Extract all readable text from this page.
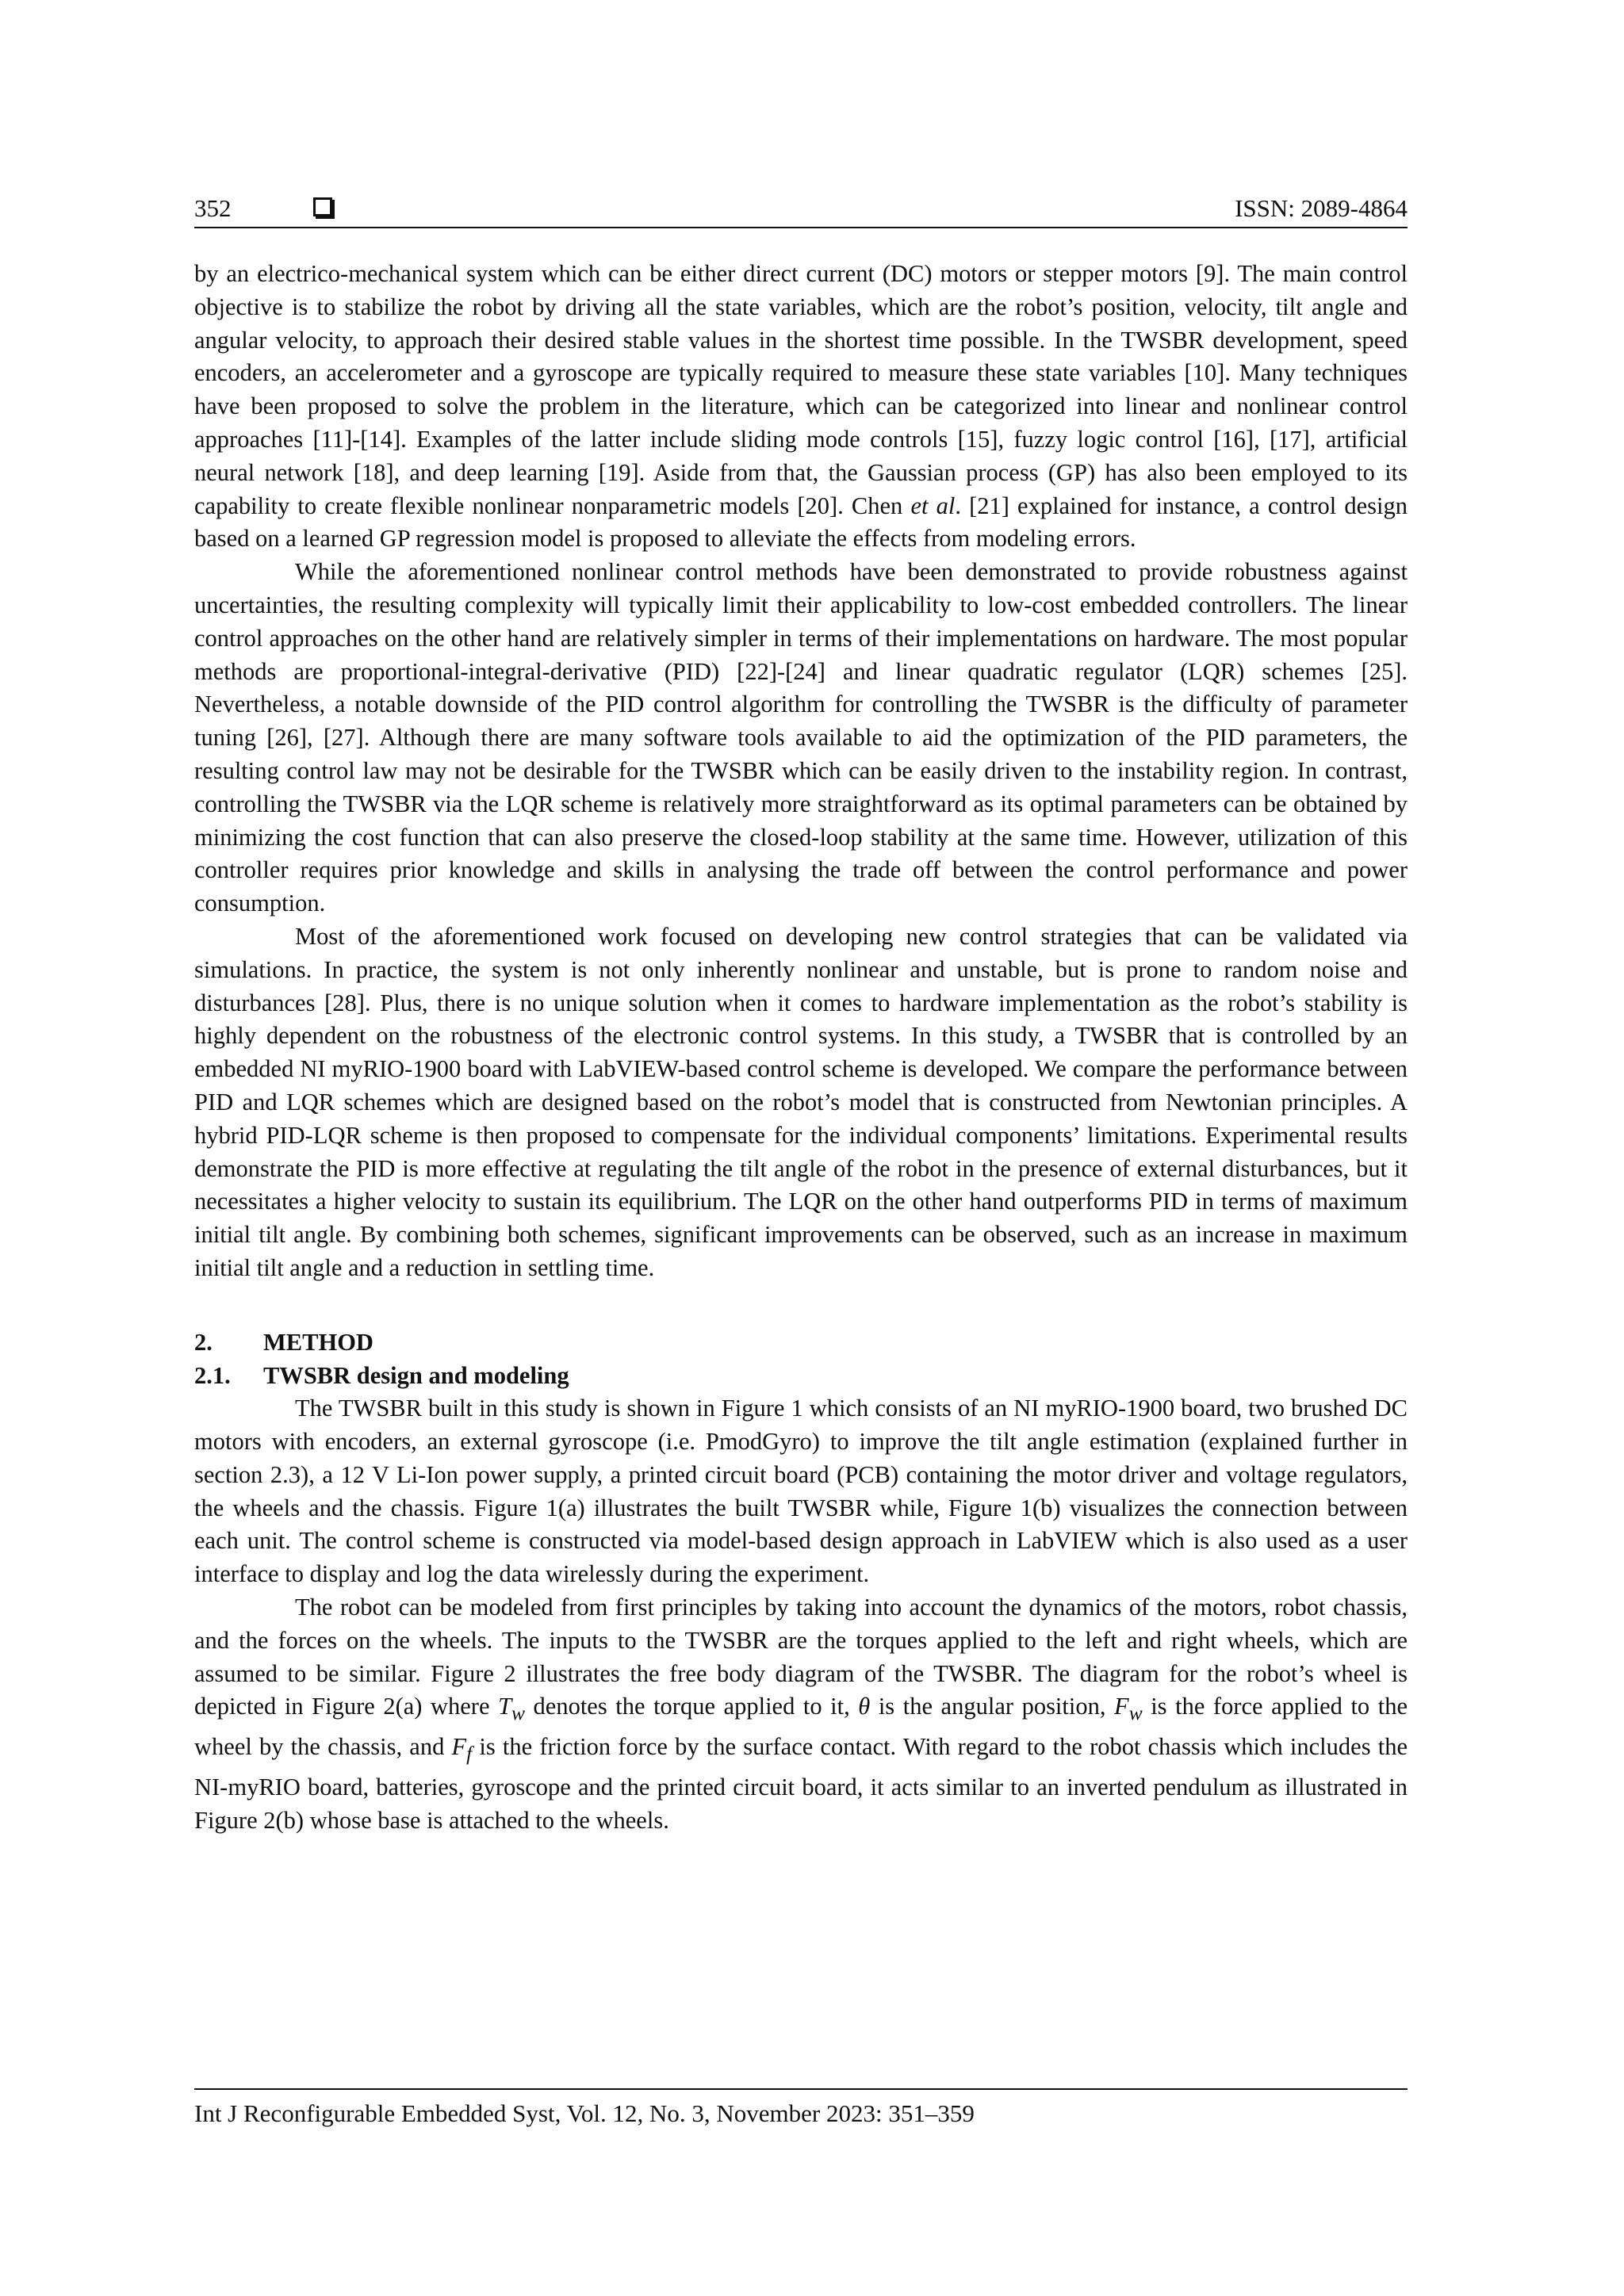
352	ISSN: 2089-4864

by an electrico-mechanical system which can be either direct current (DC) motors or stepper motors [9]. The main control objective is to stabilize the robot by driving all the state variables, which are the robot’s position, velocity, tilt angle and angular velocity, to approach their desired stable values in the shortest time possible. In the TWSBR development, speed encoders, an accelerometer and a gyroscope are typically required to measure these state variables [10]. Many techniques have been proposed to solve the problem in the literature, which can be categorized into linear and nonlinear control approaches [11]-[14]. Examples of the latter include sliding mode controls [15], fuzzy logic control [16], [17], artificial neural network [18], and deep learning [19]. Aside from that, the Gaussian process (GP) has also been employed to its capability to create flexible nonlinear nonparametric models [20]. Chen et al. [21] explained for instance, a control design based on a learned GP regression model is proposed to alleviate the effects from modeling errors.

While the aforementioned nonlinear control methods have been demonstrated to provide robustness against uncertainties, the resulting complexity will typically limit their applicability to low-cost embedded controllers. The linear control approaches on the other hand are relatively simpler in terms of their implementations on hardware. The most popular methods are proportional-integral-derivative (PID) [22]-[24] and linear quadratic regulator (LQR) schemes [25]. Nevertheless, a notable downside of the PID control algorithm for controlling the TWSBR is the difficulty of parameter tuning [26], [27]. Although there are many software tools available to aid the optimization of the PID parameters, the resulting control law may not be desirable for the TWSBR which can be easily driven to the instability region. In contrast, controlling the TWSBR via the LQR scheme is relatively more straightforward as its optimal parameters can be obtained by minimizing the cost function that can also preserve the closed-loop stability at the same time. However, utilization of this controller requires prior knowledge and skills in analysing the trade off between the control performance and power consumption.

Most of the aforementioned work focused on developing new control strategies that can be validated via simulations. In practice, the system is not only inherently nonlinear and unstable, but is prone to random noise and disturbances [28]. Plus, there is no unique solution when it comes to hardware implementation as the robot’s stability is highly dependent on the robustness of the electronic control systems. In this study, a TWSBR that is controlled by an embedded NI myRIO-1900 board with LabVIEW-based control scheme is developed. We compare the performance between PID and LQR schemes which are designed based on the robot’s model that is constructed from Newtonian principles. A hybrid PID-LQR scheme is then proposed to compensate for the individual components’ limitations. Experimental results demonstrate the PID is more effective at regulating the tilt angle of the robot in the presence of external disturbances, but it necessitates a higher velocity to sustain its equilibrium. The LQR on the other hand outperforms PID in terms of maximum initial tilt angle. By combining both schemes, significant improvements can be observed, such as an increase in maximum initial tilt angle and a reduction in settling time.

2. METHOD

2.1. TWSBR design and modeling

The TWSBR built in this study is shown in Figure 1 which consists of an NI myRIO-1900 board, two brushed DC motors with encoders, an external gyroscope (i.e. PmodGyro) to improve the tilt angle estimation (explained further in section 2.3), a 12 V Li-Ion power supply, a printed circuit board (PCB) containing the motor driver and voltage regulators, the wheels and the chassis. Figure 1(a) illustrates the built TWSBR while, Figure 1(b) visualizes the connection between each unit. The control scheme is constructed via model-based design approach in LabVIEW which is also used as a user interface to display and log the data wirelessly during the experiment.

The robot can be modeled from first principles by taking into account the dynamics of the motors, robot chassis, and the forces on the wheels. The inputs to the TWSBR are the torques applied to the left and right wheels, which are assumed to be similar. Figure 2 illustrates the free body diagram of the TWSBR. The diagram for the robot’s wheel is depicted in Figure 2(a) where $T_w$ denotes the torque applied to it, θ is the angular position, $F_w$ is the force applied to the wheel by the chassis, and $F_f$ is the friction force by the surface contact. With regard to the robot chassis which includes the NI-myRIO board, batteries, gyroscope and the printed circuit board, it acts similar to an inverted pendulum as illustrated in Figure 2(b) whose base is attached to the wheels.

Int J Reconfigurable Embedded Syst, Vol. 12, No. 3, November 2023: 351–359
